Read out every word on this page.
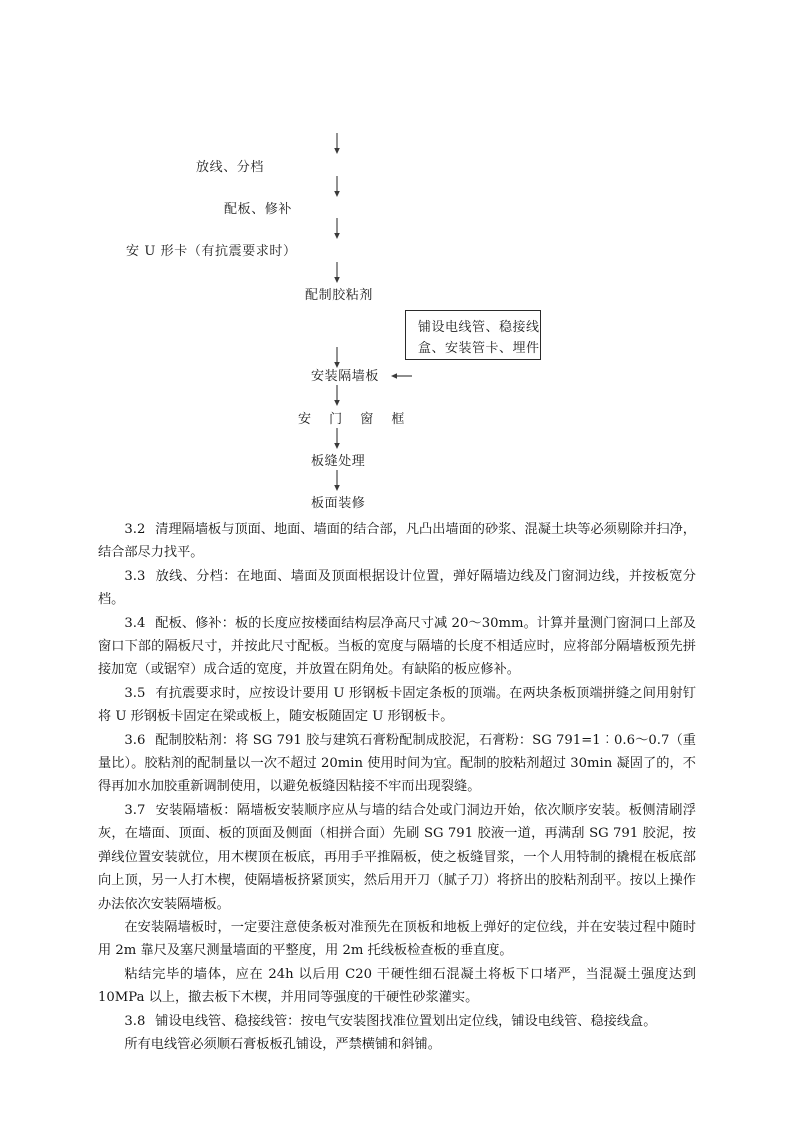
放线、分档
配板、修补
安 U 形卡（有抗震要求时）
配制胶粘剂
铺设电线管、稳接线
盒、安装管卡、埋件
安装隔墙板
安 门 窗 框
板缝处理
板面装修

3.2 清理隔墙板与顶面、地面、墙面的结合部，凡凸出墙面的砂浆、混凝土块等必须剔除并扫净，结合部尽力找平。

3.3 放线、分档：在地面、墙面及顶面根据设计位置，弹好隔墙边线及门窗洞边线，并按板宽分档。

3.4 配板、修补：板的长度应按楼面结构层净高尺寸减 20～30mm。计算并量测门窗洞口上部及窗口下部的隔板尺寸，并按此尺寸配板。当板的宽度与隔墙的长度不相适应时，应将部分隔墙板预先拼接加宽（或锯窄）成合适的宽度，并放置在阴角处。有缺陷的板应修补。

3.5 有抗震要求时，应按设计要用 U 形钢板卡固定条板的顶端。在两块条板顶端拼缝之间用射钉将 U 形钢板卡固定在梁或板上，随安板随固定 U 形钢板卡。

3.6 配制胶粘剂：将 SG 791 胶与建筑石膏粉配制成胶泥，石膏粉：SG 791=1︰0.6～0.7（重量比）。胶粘剂的配制量以一次不超过 20min 使用时间为宜。配制的胶粘剂超过 30min 凝固了的，不得再加水加胶重新调制使用，以避免板缝因粘接不牢而出现裂缝。

3.7 安装隔墙板：隔墙板安装顺序应从与墙的结合处或门洞边开始，依次顺序安装。板侧清刷浮灰，在墙面、顶面、板的顶面及侧面（相拼合面）先刷 SG 791 胶液一道，再满刮 SG 791 胶泥，按弹线位置安装就位，用木楔顶在板底，再用手平推隔板，使之板缝冒浆，一个人用特制的撬棍在板底部向上顶，另一人打木楔，使隔墙板挤紧顶实，然后用开刀（腻子刀）将挤出的胶粘剂刮平。按以上操作办法依次安装隔墙板。

在安装隔墙板时，一定要注意使条板对准预先在顶板和地板上弹好的定位线，并在安装过程中随时用 2m 靠尺及塞尺测量墙面的平整度，用 2m 托线板检查板的垂直度。

粘结完毕的墙体，应在 24h 以后用 C20 干硬性细石混凝土将板下口堵严，当混凝土强度达到 10MPa 以上，撤去板下木楔，并用同等强度的干硬性砂浆灌实。

3.8 铺设电线管、稳接线管：按电气安装图找准位置划出定位线，铺设电线管、稳接线盒。

所有电线管必须顺石膏板板孔铺设，严禁横铺和斜铺。
